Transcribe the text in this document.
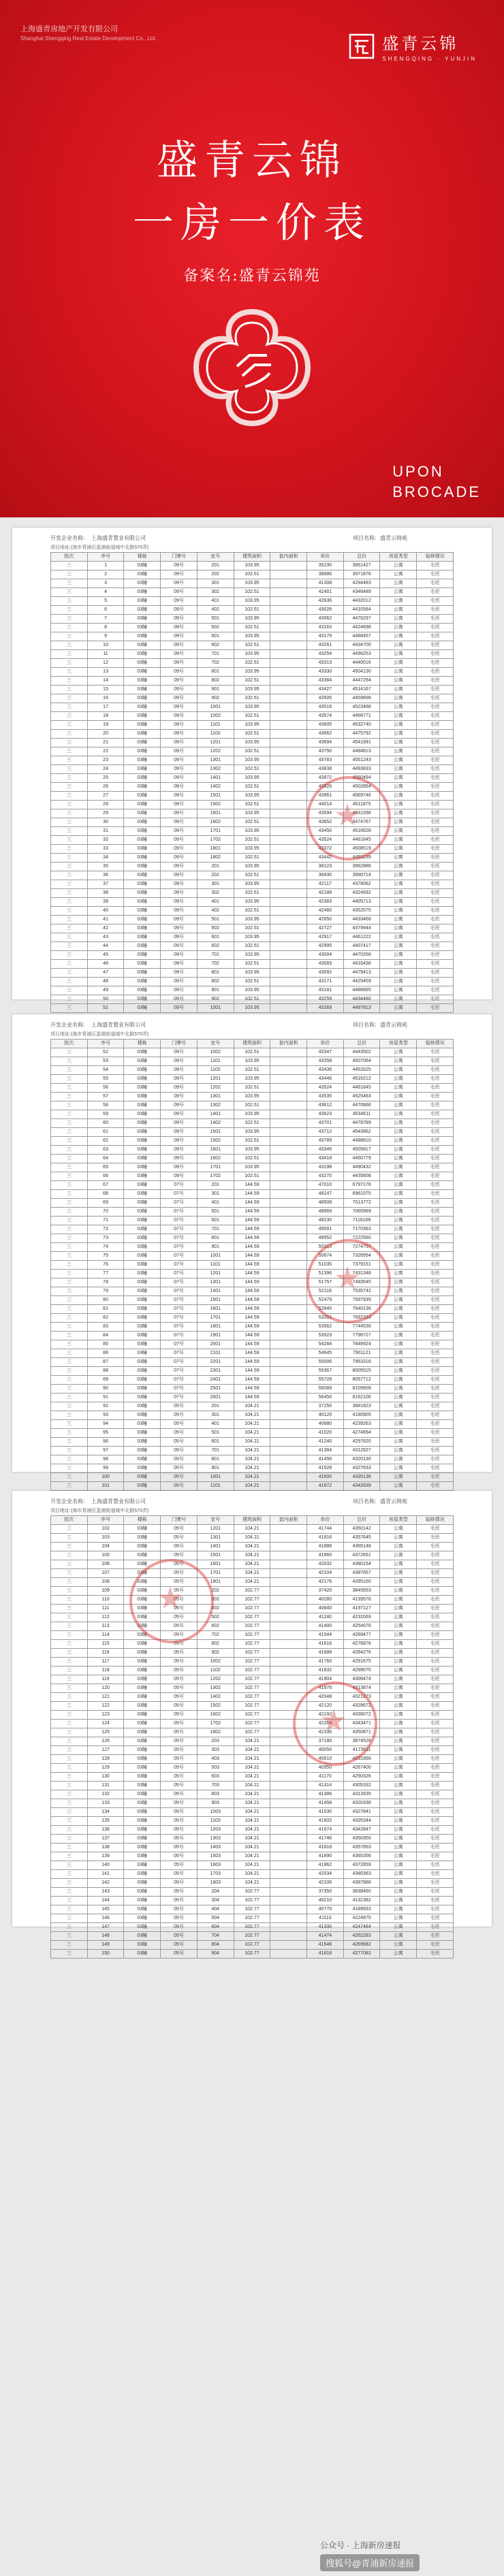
上海盛青房地产开发有限公司
Shanghai Shengqing Real Estate Development Co., Ltd.	盛青云锦
SHENGQING · YUNJIN
盛青云锦
一房一价表
备案名:盛青云锦苑
UPON
BROCADE
开发企业名称: 上海盛青置业有限公司	项目名称: 盛青云锦苑
项目地址:(海市青浦区盈浦街道城中北路570弄)
批次	序号	楼栋	门牌号	室号	建筑面积	套内面积	单价	总价	房屋类型	装修情况
三	1	03幢	09号	201	103.95		35230	3661427	公寓	毛坯
三	2	03幢	09号	202	102.51		38686	3971876	公寓	毛坯
三	3	03幢	09号	301	103.95		41308	4294483	公寓	毛坯
三	4	03幢	09号	302	102.51		42401	4346489	公寓	毛坯
三	5	03幢	09号	401	103.95		42636	4432012	公寓	毛坯
三	6	03幢	09号	402	102.51		43026	4410584	公寓	毛坯
三	7	03幢	09号	501	103.95		43062	4476297	公寓	毛坯
三	8	03幢	09号	502	102.51		43163	4424698	公寓	毛坯
三	9	03幢	09号	601	103.95		43179	4488457	公寓	毛坯
三	10	03幢	09号	602	102.51		43261	4434700	公寓	毛坯
三	11	03幢	09号	701	103.95		43254	4496253	公寓	毛坯
三	12	03幢	09号	702	102.51		43313	4440016	公寓	毛坯
三	13	03幢	09号	801	103.95		43330	4504130	公寓	毛坯
三	14	03幢	09号	802	102.51		43384	4447294	公寓	毛坯
三	15	03幢	09号	901	103.95		43427	4514167	公寓	毛坯
三	16	03幢	09号	902	102.51		43505	4459698	公寓	毛坯
三	17	03幢	09号	1001	103.95		43516	4523488	公寓	毛坯
三	18	03幢	09号	1002	102.51		43574	4466771	公寓	毛坯
三	19	03幢	09号	1101	103.95		43605	4532740	公寓	毛坯
三	20	03幢	09号	1102	102.51		43662	4475792	公寓	毛坯
三	21	03幢	09号	1201	103.95		43694	4541991	公寓	毛坯
三	22	03幢	09号	1202	102.51		43750	4484813	公寓	毛坯
三	23	03幢	09号	1301	103.95		43783	4551243	公寓	毛坯
三	24	03幢	09号	1302	102.51		43838	4493833	公寓	毛坯
三	25	03幢	09号	1401	103.95		43872	4560494	公寓	毛坯
三	26	03幢	09号	1402	102.51		43926	4502854	公寓	毛坯
三	27	03幢	09号	1501	103.95		43961	4569746	公寓	毛坯
三	28	03幢	09号	1502	102.51		44014	4511875	公寓	毛坯
三	29	03幢	09号	1601	103.95		43594	4531596	公寓	毛坯
三	30	03幢	09号	1602	102.51		43652	4474767	公寓	毛坯
三	31	03幢	09号	1701	103.95		43450	4516628	公寓	毛坯
三	32	03幢	09号	1702	102.51		43524	4461645	公寓	毛坯
三	33	03幢	09号	1801	103.95		43372	4508519	公寓	毛坯
三	34	03幢	09号	1802	102.51		43442	4453239	公寓	毛坯
三	35	03幢	09号	201	103.95		38123	3962886	公寓	毛坯
三	36	03幢	09号	202	102.51		38930	3990714	公寓	毛坯
三	37	03幢	09号	301	103.95		42117	4378062	公寓	毛坯
三	38	03幢	09号	302	102.51		42188	4324692	公寓	毛坯
三	39	03幢	09号	401	103.95		42383	4405713	公寓	毛坯
三	40	03幢	09号	402	102.51		42460	4352575	公寓	毛坯
三	41	03幢	09号	501	103.95		42650	4433468	公寓	毛坯
三	42	03幢	09号	502	102.51		42727	4379944	公寓	毛坯
三	43	03幢	09号	601	103.95		42917	4461222	公寓	毛坯
三	44	03幢	09号	602	102.51		42995	4407417	公寓	毛坯
三	45	03幢	09号	701	103.95		43004	4470266	公寓	毛坯
三	46	03幢	09号	702	102.51		43083	4416438	公寓	毛坯
三	47	03幢	09号	801	103.95		43092	4479413	公寓	毛坯
三	48	03幢	09号	802	102.51		43171	4425459	公寓	毛坯
三	49	03幢	09号	901	103.95		43181	4488665	公寓	毛坯
三	50	03幢	09号	902	102.51		43259	4434480	公寓	毛坯
三	51	03幢	09号	1001	103.95		43269	4497813	公寓	毛坯
开发企业名称: 上海盛青置业有限公司	项目名称: 盛青云锦苑
项目地址:(海市青浦区盈浦街道城中北路570弄)
批次	序号	楼栋	门牌号	室号	建筑面积	套内面积	单价	总价	房屋类型	装修情况
三	52	03幢	09号	1002	102.51		43347	4443502	公寓	毛坯
三	53	03幢	09号	1101	103.95		43358	4507064	公寓	毛坯
三	54	03幢	09号	1102	102.51		43436	4452625	公寓	毛坯
三	55	03幢	09号	1201	103.95		43446	4516212	公寓	毛坯
三	56	03幢	09号	1202	102.51		43524	4461645	公寓	毛坯
三	57	03幢	09号	1301	103.95		43535	4525463	公寓	毛坯
三	58	03幢	09号	1302	102.51		43612	4470666	公寓	毛坯
三	59	03幢	09号	1401	103.95		43623	4534611	公寓	毛坯
三	60	03幢	09号	1402	102.51		43701	4479789	公寓	毛坯
三	61	03幢	09号	1501	103.95		43712	4543862	公寓	毛坯
三	62	03幢	09号	1502	102.51		43789	4488810	公寓	毛坯
三	63	03幢	09号	1601	103.95		43346	4505817	公寓	毛坯
三	64	03幢	09号	1602	102.51		43418	4450779	公寓	毛坯
三	65	03幢	09号	1701	103.95		43198	4490432	公寓	毛坯
三	66	03幢	09号	1702	102.51		43270	4435608	公寓	毛坯
三	67	03幢	07号	201	144.59		47010	6797176	公寓	毛坯
三	68	03幢	07号	301	144.59		48147	6961575	公寓	毛坯
三	69	03幢	07号	401	144.59		48508	7013772	公寓	毛坯
三	70	03幢	07号	501	144.59		48869	7065969	公寓	毛坯
三	71	03幢	07号	601	144.59		49230	7118166	公寓	毛坯
三	72	03幢	07号	701	144.59		49591	7170363	公寓	毛坯
三	73	03幢	07号	801	144.59		49952	7222560	公寓	毛坯
三	74	03幢	07号	901	144.59		50313	7274757	公寓	毛坯
三	75	03幢	07号	1001	144.59		50674	7326954	公寓	毛坯
三	76	03幢	07号	1101	144.59		51035	7379151	公寓	毛坯
三	77	03幢	07号	1201	144.59		51396	7431348	公寓	毛坯
三	78	03幢	07号	1301	144.59		51757	7483545	公寓	毛坯
三	79	03幢	07号	1401	144.59		52118	7535742	公寓	毛坯
三	80	03幢	07号	1501	144.59		52479	7587939	公寓	毛坯
三	81	03幢	07号	1601	144.59		52840	7640136	公寓	毛坯
三	82	03幢	07号	1701	144.59		53201	7692333	公寓	毛坯
三	83	03幢	07号	1801	144.59		53562	7744530	公寓	毛坯
三	84	03幢	07号	1901	144.59		53923	7796727	公寓	毛坯
三	85	03幢	07号	2001	144.59		54284	7848924	公寓	毛坯
三	86	03幢	07号	2101	144.59		54645	7901121	公寓	毛坯
三	87	03幢	07号	2201	144.59		55006	7953318	公寓	毛坯
三	88	03幢	07号	2301	144.59		55367	8005515	公寓	毛坯
三	89	03幢	07号	2401	144.59		55728	8057712	公寓	毛坯
三	90	03幢	07号	2501	144.59		56089	8109909	公寓	毛坯
三	91	03幢	07号	2601	144.59		56450	8162106	公寓	毛坯
三	92	03幢	05号	201	104.21		37250	3881823	公寓	毛坯
三	93	03幢	05号	301	104.21		40120	4180905	公寓	毛坯
三	94	03幢	05号	401	104.21		40680	4239263	公寓	毛坯
三	95	03幢	05号	501	104.21		41020	4274694	公寓	毛坯
三	96	03幢	05号	601	104.21		41240	4297620	公寓	毛坯
三	97	03幢	05号	701	104.21		41384	4312627	公寓	毛坯
三	98	03幢	05号	801	104.21		41456	4320130	公寓	毛坯
三	99	03幢	05号	901	104.21		41528	4327633	公寓	毛坯
三	100	03幢	05号	1001	104.21		41600	4335136	公寓	毛坯
三	101	03幢	05号	1101	104.21		41672	4342639	公寓	毛坯
开发企业名称: 上海盛青置业有限公司	项目名称: 盛青云锦苑
项目地址:(海市青浦区盈浦街道城中北路570弄)
批次	序号	楼栋	门牌号	室号	建筑面积	套内面积	单价	总价	房屋类型	装修情况
三	102	03幢	05号	1201	104.21		41744	4350142	公寓	毛坯
三	103	03幢	05号	1301	104.21		41816	4357645	公寓	毛坯
三	104	03幢	05号	1401	104.21		41888	4365148	公寓	毛坯
三	105	03幢	05号	1501	104.21		41960	4372651	公寓	毛坯
三	106	03幢	05号	1601	104.21		42032	4380154	公寓	毛坯
三	107	03幢	05号	1701	104.21		42104	4387657	公寓	毛坯
三	108	03幢	05号	1801	104.21		42176	4395160	公寓	毛坯
三	109	03幢	05号	202	102.77		37420	3845653	公寓	毛坯
三	110	03幢	05号	302	102.77		40280	4139576	公寓	毛坯
三	111	03幢	05号	402	102.77		40840	4197127	公寓	毛坯
三	112	03幢	05号	502	102.77		41180	4232069	公寓	毛坯
三	113	03幢	05号	602	102.77		41400	4254678	公寓	毛坯
三	114	03幢	05号	702	102.77		41544	4269477	公寓	毛坯
三	115	03幢	05号	802	102.77		41616	4276876	公寓	毛坯
三	116	03幢	05号	902	102.77		41688	4284276	公寓	毛坯
三	117	03幢	05号	1002	102.77		41760	4291675	公寓	毛坯
三	118	03幢	05号	1102	102.77		41832	4299075	公寓	毛坯
三	119	03幢	05号	1202	102.77		41904	4306474	公寓	毛坯
三	120	03幢	05号	1302	102.77		41976	4313874	公寓	毛坯
三	121	03幢	05号	1402	102.77		42048	4321273	公寓	毛坯
三	122	03幢	05号	1502	102.77		42120	4328672	公寓	毛坯
三	123	03幢	05号	1602	102.77		42192	4336072	公寓	毛坯
三	124	03幢	05号	1702	102.77		42264	4343471	公寓	毛坯
三	125	03幢	05号	1802	102.77		42336	4350871	公寓	毛坯
三	126	03幢	05号	203	104.21		37180	3874528	公寓	毛坯
三	127	03幢	05号	303	104.21		40050	4173611	公寓	毛坯
三	128	03幢	05号	403	104.21		40610	4231968	公寓	毛坯
三	129	03幢	05号	503	104.21		40950	4267400	公寓	毛坯
三	130	03幢	05号	603	104.21		41170	4290326	公寓	毛坯
三	131	03幢	05号	703	104.21		41314	4305332	公寓	毛坯
三	132	03幢	05号	803	104.21		41386	4312835	公寓	毛坯
三	133	03幢	05号	903	104.21		41458	4320338	公寓	毛坯
三	134	03幢	05号	1003	104.21		41530	4327841	公寓	毛坯
三	135	03幢	05号	1103	104.21		41602	4335344	公寓	毛坯
三	136	03幢	05号	1203	104.21		41674	4342847	公寓	毛坯
三	137	03幢	05号	1303	104.21		41746	4350350	公寓	毛坯
三	138	03幢	05号	1403	104.21		41818	4357853	公寓	毛坯
三	139	03幢	05号	1503	104.21		41890	4365356	公寓	毛坯
三	140	03幢	05号	1603	104.21		41962	4372859	公寓	毛坯
三	141	03幢	05号	1703	104.21		42034	4380363	公寓	毛坯
三	142	03幢	05号	1803	104.21		42106	4387866	公寓	毛坯
三	143	03幢	05号	204	102.77		37350	3838460	公寓	毛坯
三	144	03幢	05号	304	102.77		40210	4132382	公寓	毛坯
三	145	03幢	05号	404	102.77		40770	4189933	公寓	毛坯
三	146	03幢	05号	504	102.77		41110	4224875	公寓	毛坯
三	147	03幢	05号	604	102.77		41330	4247484	公寓	毛坯
三	148	03幢	05号	704	102.77		41474	4262283	公寓	毛坯
三	149	03幢	05号	804	102.77		41546	4269682	公寓	毛坯
三	150	03幢	05号	904	102.77		41618	4277082	公寓	毛坯
公众号 · 上海新房速报
搜狐号@青浦新房速报
